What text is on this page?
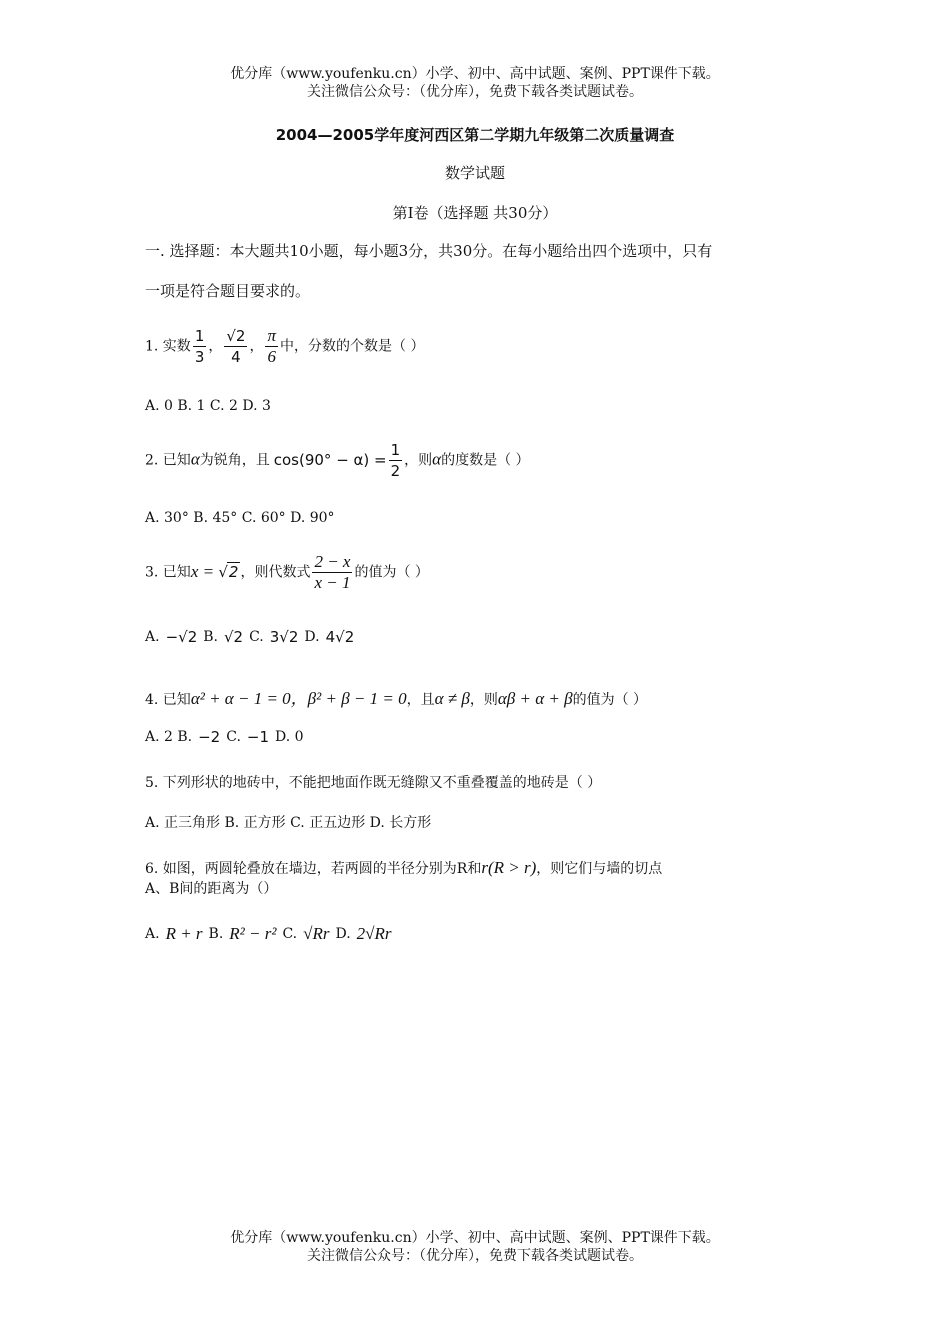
优分库（www.youfenku.cn）小学、初中、高中试题、案例、PPT课件下载。
关注微信公众号：（优分库），免费下载各类试题试卷。
2004—2005学年度河西区第二学期九年级第二次质量调查
数学试题
第I卷（选择题 共30分）
一. 选择题：本大题共10小题，每小题3分，共30分。在每小题给出四个选项中，只有
一项是符合题目要求的。
1. 实数 $\frac{1}{3}$ ， $\frac{√2}{4}$ ， $\frac{\pi}{6}$ 中，分数的个数是（ ）
A. 0 B. 1 C. 2 D. 3
2. 已知α为锐角，且 $\cos(90^\circ - \alpha) = \frac{1}{2}$ ，则α的度数是（ ）
A. 30° B. 45° C. 60° D. 90°
3. 已知x = √2 ，则代数式 $\frac{2 - x}{x - 1}$ 的值为（ ）
A. −√2 B. √2 C. 3√2 D. 4√2
4. 已知α² + α − 1 = 0，β² + β − 1 = 0，且α ≠ β，则αβ + α + β的值为（ ）
A. 2 B. −2 C. −1 D. 0
5. 下列形状的地砖中，不能把地面作既无缝隙又不重叠覆盖的地砖是（ ）
A. 正三角形 B. 正方形 C. 正五边形 D. 长方形
6. 如图，两圆轮叠放在墙边，若两圆的半径分别为R和r(R > r)，则它们与墙的切点
A、B间的距离为（）
A. R + r B. R² − r² C. √Rr D. 2√Rr
优分库（www.youfenku.cn）小学、初中、高中试题、案例、PPT课件下载。
关注微信公众号：（优分库），免费下载各类试题试卷。
